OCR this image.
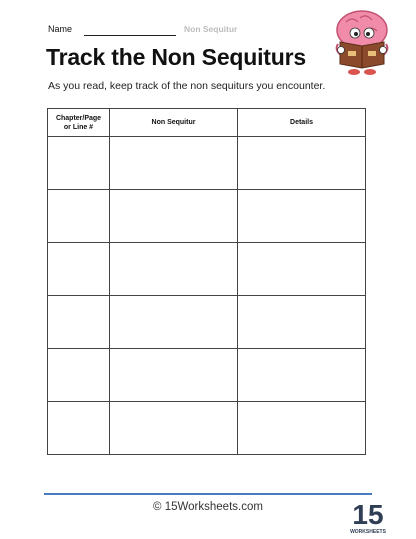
Name	Non Sequitur
Track the Non Sequiturs
As you read, keep track of the non sequiturs you encounter.
Chapter/Page
or Line #	Non Sequitur	Details

© 15Worksheets.com	15
WORKSHEETS
